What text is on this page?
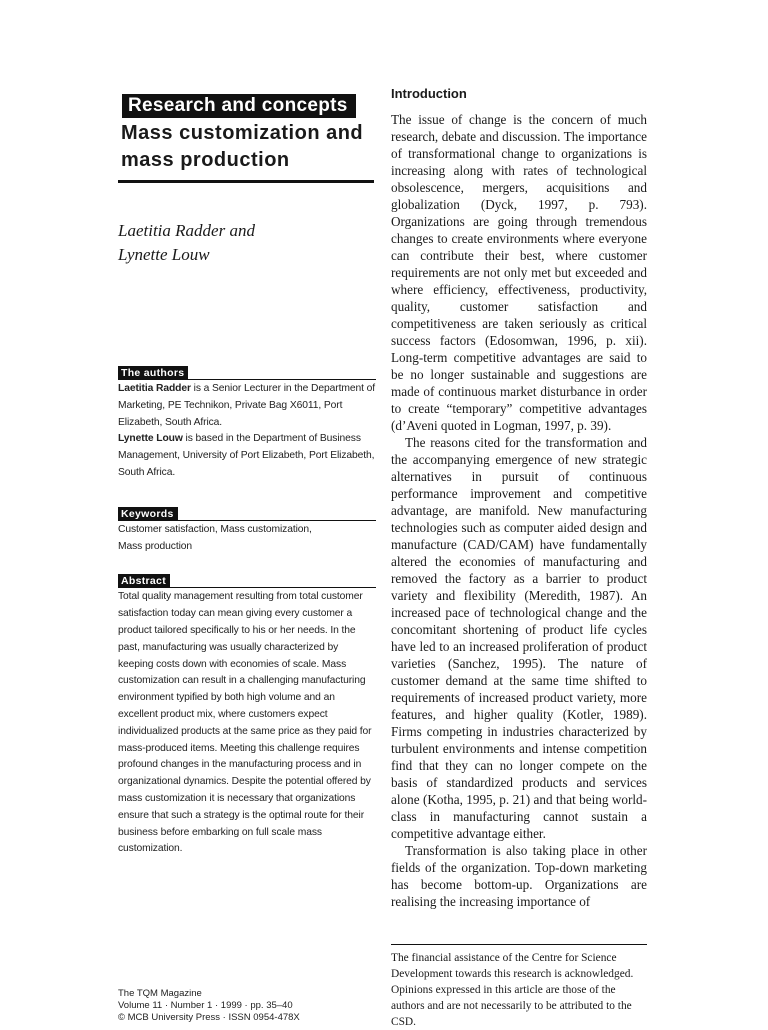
Research and concepts
Mass customization and
mass production
Laetitia Radder and
Lynette Louw
The authors
Laetitia Radder is a Senior Lecturer in the Department of Marketing, PE Technikon, Private Bag X6011, Port Elizabeth, South Africa.
Lynette Louw is based in the Department of Business Management, University of Port Elizabeth, Port Elizabeth, South Africa.
Keywords
Customer satisfaction, Mass customization, Mass production
Abstract
Total quality management resulting from total customer satisfaction today can mean giving every customer a product tailored specifically to his or her needs. In the past, manufacturing was usually characterized by keeping costs down with economies of scale. Mass customization can result in a challenging manufacturing environment typified by both high volume and an excellent product mix, where customers expect individualized products at the same price as they paid for mass-produced items. Meeting this challenge requires profound changes in the manufacturing process and in organizational dynamics. Despite the potential offered by mass customization it is necessary that organizations ensure that such a strategy is the optimal route for their business before embarking on full scale mass customization.
The TQM Magazine
Volume 11 · Number 1 · 1999 · pp. 35–40
© MCB University Press · ISSN 0954-478X
Introduction

The issue of change is the concern of much research, debate and discussion. The importance of transformational change to organizations is increasing along with rates of technological obsolescence, mergers, acquisitions and globalization (Dyck, 1997, p. 793). Organizations are going through tremendous changes to create environments where everyone can contribute their best, where customer requirements are not only met but exceeded and where efficiency, effectiveness, productivity, quality, customer satisfaction and competitiveness are taken seriously as critical success factors (Edosomwan, 1996, p. xii). Long-term competitive advantages are said to be no longer sustainable and suggestions are made of continuous market disturbance in order to create “temporary” competitive advantages (d’Aveni quoted in Logman, 1997, p. 39).

The reasons cited for the transformation and the accompanying emergence of new strategic alternatives in pursuit of continuous performance improvement and competitive advantage, are manifold. New manufacturing technologies such as computer aided design and manufacture (CAD/CAM) have fundamentally altered the economies of manufacturing and removed the factory as a barrier to product variety and flexibility (Meredith, 1987). An increased pace of technological change and the concomitant shortening of product life cycles have led to an increased proliferation of product varieties (Sanchez, 1995). The nature of customer demand at the same time shifted to requirements of increased product variety, more features, and higher quality (Kotler, 1989). Firms competing in industries characterized by turbulent environments and intense competition find that they can no longer compete on the basis of standardized products and services alone (Kotha, 1995, p. 21) and that being world-class in manufacturing cannot sustain a competitive advantage either.

Transformation is also taking place in other fields of the organization. Top-down marketing has become bottom-up. Organizations are realising the increasing importance of

The financial assistance of the Centre for Science Development towards this research is acknowledged. Opinions expressed in this article are those of the authors and are not necessarily to be attributed to the CSD.
